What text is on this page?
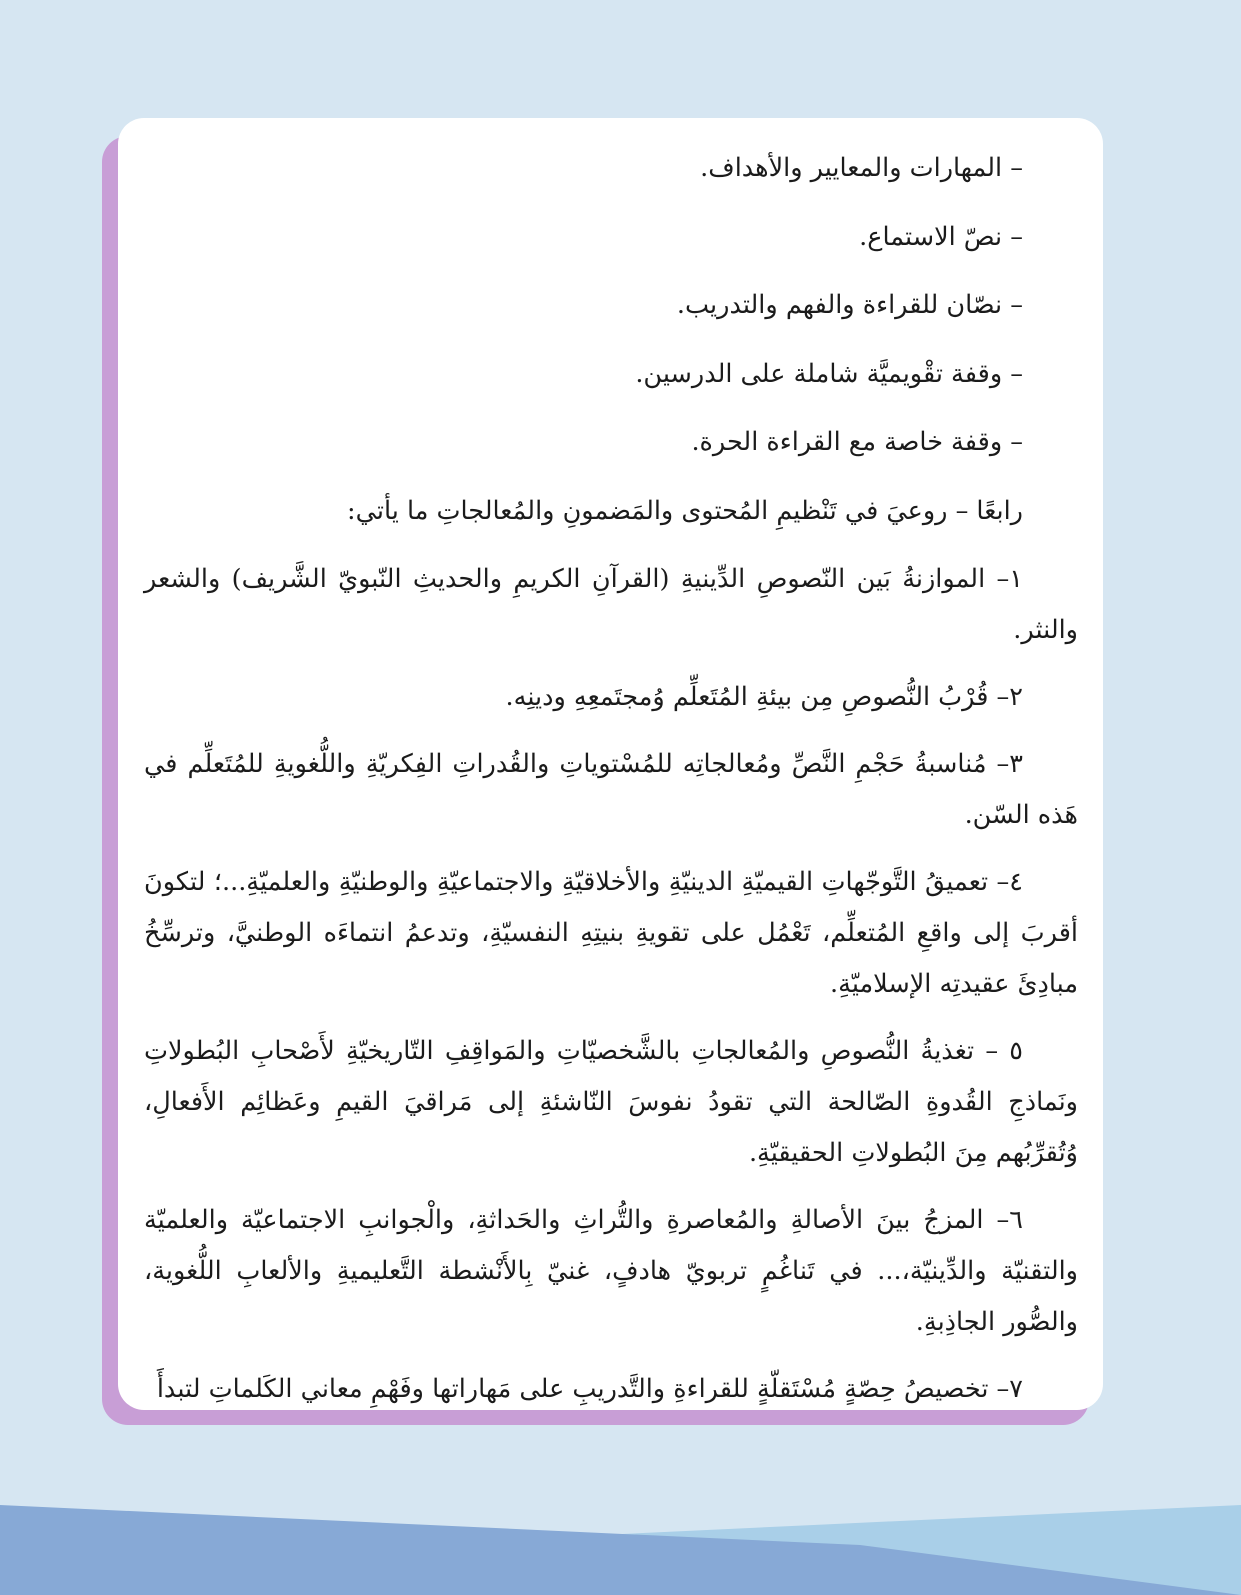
– المهارات والمعايير والأهداف.

– نصّ الاستماع.

– نصّان للقراءة والفهم والتدريب.

– وقفة تقْويميَّة شاملة على الدرسين.

– وقفة خاصة مع القراءة الحرة.

رابعًا – روعيَ في تَنْظيمِ المُحتوى والمَضمونِ والمُعالجاتِ ما يأتي:

١– الموازنةُ بَين النّصوصِ الدِّينيةِ (القرآنِ الكريمِ والحديثِ النّبويّ الشَّريف) والشعر والنثر.

٢– قُرْبُ النُّصوصِ مِن بيئةِ المُتَعلِّم وُمجتَمعِهِ ودينِه.

٣– مُناسبةُ حَجْمِ النَّصِّ ومُعالجاتِه للمُسْتوياتِ والقُدراتِ الفِكريّةِ واللُّغويةِ للمُتَعلِّم في هَذه السّن.

٤– تعميقُ التَّوجّهاتِ القيميّةِ الدينيّةِ والأخلاقيّةِ والاجتماعيّةِ والوطنيّةِ والعلميّةِ...؛ لتكونَ أقربَ إلى واقعِ المُتعلِّم، تَعْمُل على تقويةِ بنيتِهِ النفسيّةِ، وتدعمُ انتماءَه الوطنيَّ، وترسِّخُ مبادِئَ عقيدتِه الإسلاميّةِ.

٥ – تغذيةُ النُّصوصِ والمُعالجاتِ بالشَّخصيّاتِ والمَواقِفِ التّاريخيّةِ لأَصْحابِ البُطولاتِ ونَماذجِ القُدوةِ الصّالحة التي تقودُ نفوسَ النّاشئةِ إلى مَراقيَ القيمِ وعَظائِم الأَفعالِ، وُتُقرِّبُهم مِنَ البُطولاتِ الحقيقيّةِ.

٦– المزجُ بينَ الأصالةِ والمُعاصرةِ والتُّراثِ والحَداثةِ، والْجوانبِ الاجتماعيّة والعلميّة والتقنيّة والدِّينيّة،... في تَناغُمٍ تربويّ هادفٍ، غنيّ بِالأَنْشطة التَّعليميةِ والألعابِ اللُّغوية، والصُّور الجاذِبةِ.

٧– تخصيصُ حِصّةٍ مُسْتَقلّةٍ للقراءةِ والتَّدريبِ على مَهاراتها وفَهْمِ معاني الكَلماتِ لتبدأَ
